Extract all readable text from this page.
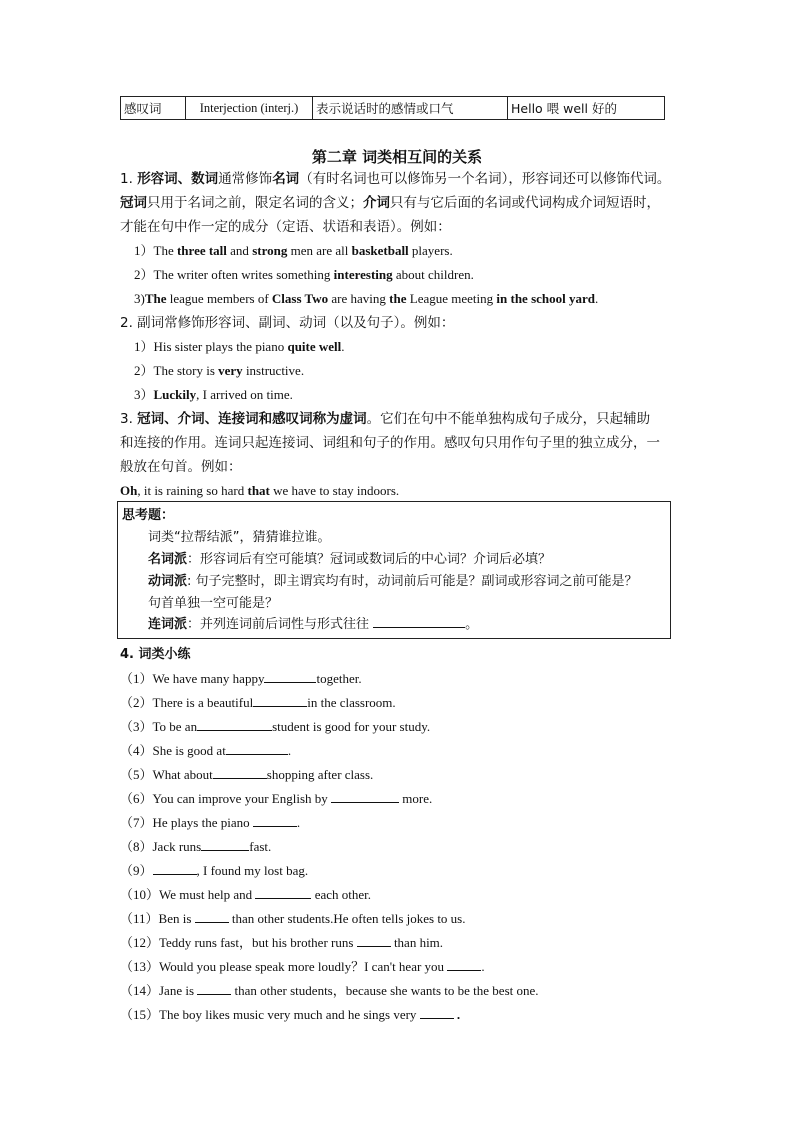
感叹词	Interjection (interj.)	表示说话时的感情或口气	Hello 喂 well 好的
第二章 词类相互间的关系
1. 形容词、数词通常修饰名词（有时名词也可以修饰另一个名词），形容词还可以修饰代词。
冠词只用于名词之前，限定名词的含义；介词只有与它后面的名词或代词构成介词短语时，
才能在句中作一定的成分（定语、状语和表语）。例如：
1）The three tall and strong men are all basketball players.
2）The writer often writes something interesting about children.
3)The league members of Class Two are having the League meeting in the school yard.
2. 副词常修饰形容词、副词、动词（以及句子）。例如：
1）His sister plays the piano quite well.
2）The story is very instructive.
3）Luckily, I arrived on time.
3. 冠词、介词、连接词和感叹词称为虚词。它们在句中不能单独构成句子成分，只起辅助
和连接的作用。连词只起连接词、词组和句子的作用。感叹句只用作句子里的独立成分，一
般放在句首。例如：
Oh, it is raining so hard that we have to stay indoors.
思考题：
词类“拉帮结派”，猜猜谁拉谁。
名词派：形容词后有空可能填？冠词或数词后的中心词？介词后必填？
动词派: 句子完整时，即主谓宾均有时，动词前后可能是？副词或形容词之前可能是？
句首单独一空可能是？
连词派：并列连词前后词性与形式往往	。
4. 词类小练
（1）We have many happy	together.
（2）There is a beautiful	in the classroom.
（3）To be an	student is good for your study.
（4）She is good at	.
（5）What about	shopping after class.
（6）You can improve your English by	more.
（7）He plays the piano	.
（8）Jack runs	fast.
（9）	, I found my lost bag.
（10）We must help and	each other.
（11）Ben is	than other students.He often tells jokes to us.
（12）Teddy runs fast，but his brother runs	than him.
（13）Would you please speak more loudly？I can't hear you	.
（14）Jane is	than other students，because she wants to be the best one.
（15）The boy likes music very much and he sings very	.
